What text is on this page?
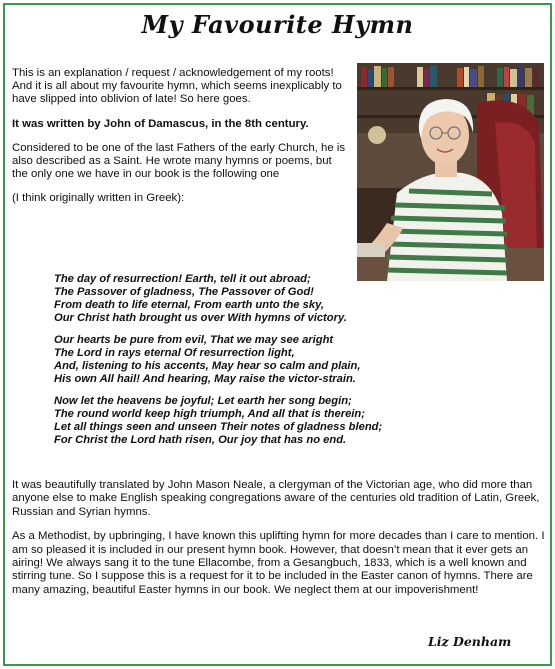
My Favourite Hymn

This is an explanation / request / acknowledgement of my roots! And it is all about my favourite hymn, which seems inexplicably to have slipped into oblivion of late! So here goes.

It was written by John of Damascus, in the 8th century.

Considered to be one of the last Fathers of the early Church, he is also described as a Saint. He wrote many hymns or poems, but the only one we have in our book is the following one

(I think originally written in Greek):

The day of resurrection! Earth, tell it out abroad;
The Passover of gladness, The Passover of God!
From death to life eternal, From earth unto the sky,
Our Christ hath brought us over With hymns of victory.
Our hearts be pure from evil, That we may see aright
The Lord in rays eternal Of resurrection light,
And, listening to his accents, May hear so calm and plain,
His own All hail! And hearing, May raise the victor-strain.
Now let the heavens be joyful; Let earth her song begin;
The round world keep high triumph, And all that is therein;
Let all things seen and unseen Their notes of gladness blend;
For Christ the Lord hath risen, Our joy that has no end.

It was beautifully translated by John Mason Neale, a clergyman of the Victorian age, who did more than anyone else to make English speaking congregations aware of the centuries old tradition of Latin, Greek, Russian and Syrian hymns.

As a Methodist, by upbringing, I have known this uplifting hymn for more decades than I care to mention. I am so pleased it is included in our present hymn book. However, that doesn’t mean that it ever gets an airing! We always sang it to the tune Ellacombe, from a Gesangbuch, 1833, which is a well known and stirring tune. So I suppose this is a request for it to be included in the Easter canon of hymns. There are many amazing, beautiful Easter hymns in our book. We neglect them at our impoverishment!

Liz Denham
